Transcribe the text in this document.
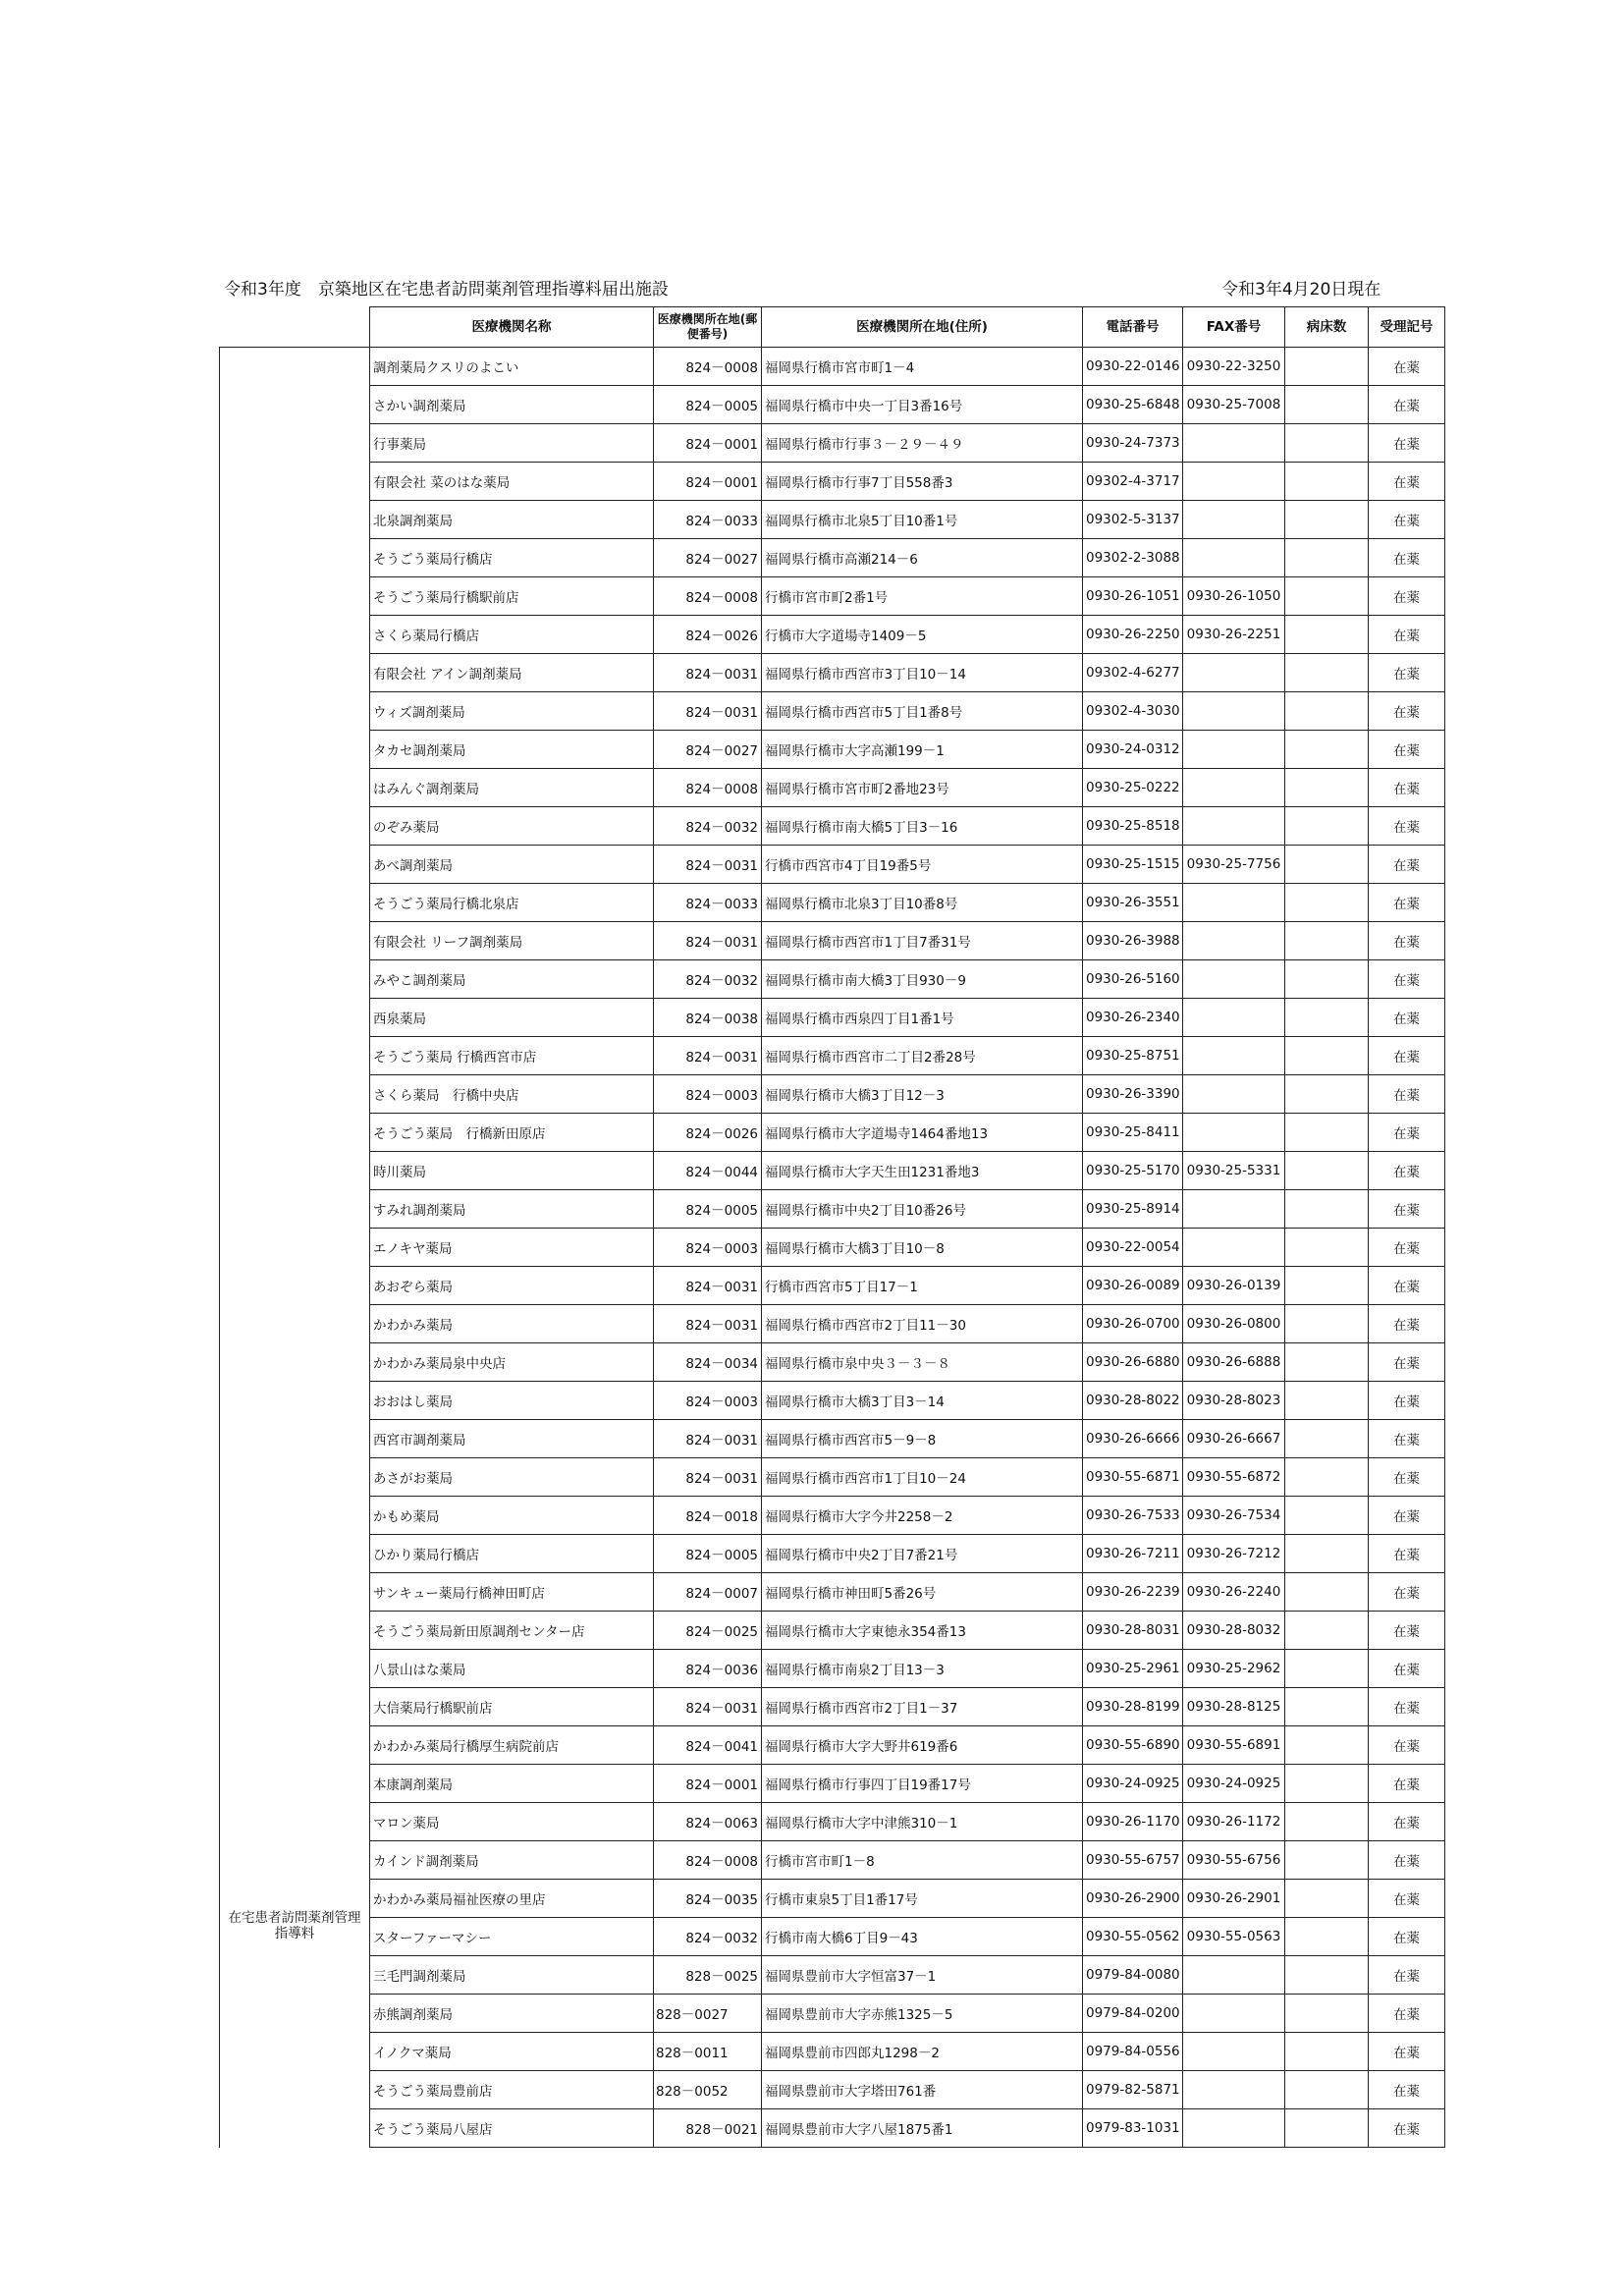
令和3年度　京築地区在宅患者訪問薬剤管理指導料届出施設	令和3年4月20日現在
	医療機関名称	医療機関所在地(郵便番号)	医療機関所在地(住所)	電話番号	FAX番号	病床数	受理記号
在宅患者訪問薬剤管理指導料	調剤薬局クスリのよこい	824－0008	福岡県行橋市宮市町1－4	0930-22-0146	0930-22-3250		在薬
	さかい調剤薬局	824－0005	福岡県行橋市中央一丁目3番16号	0930-25-6848	0930-25-7008		在薬
	行事薬局	824－0001	福岡県行橋市行事３－２９－４９	0930-24-7373			在薬
	有限会社 菜のはな薬局	824－0001	福岡県行橋市行事7丁目558番3	09302-4-3717			在薬
	北泉調剤薬局	824－0033	福岡県行橋市北泉5丁目10番1号	09302-5-3137			在薬
	そうごう薬局行橋店	824－0027	福岡県行橋市高瀬214－6	09302-2-3088			在薬
	そうごう薬局行橋駅前店	824－0008	行橋市宮市町2番1号	0930-26-1051	0930-26-1050		在薬
	さくら薬局行橋店	824－0026	行橋市大字道場寺1409－5	0930-26-2250	0930-26-2251		在薬
	有限会社 アイン調剤薬局	824－0031	福岡県行橋市西宮市3丁目10－14	09302-4-6277			在薬
	ウィズ調剤薬局	824－0031	福岡県行橋市西宮市5丁目1番8号	09302-4-3030			在薬
	タカセ調剤薬局	824－0027	福岡県行橋市大字高瀬199－1	0930-24-0312			在薬
	はみんぐ調剤薬局	824－0008	福岡県行橋市宮市町2番地23号	0930-25-0222			在薬
	のぞみ薬局	824－0032	福岡県行橋市南大橋5丁目3－16	0930-25-8518			在薬
	あべ調剤薬局	824－0031	行橋市西宮市4丁目19番5号	0930-25-1515	0930-25-7756		在薬
	そうごう薬局行橋北泉店	824－0033	福岡県行橋市北泉3丁目10番8号	0930-26-3551			在薬
	有限会社 リーフ調剤薬局	824－0031	福岡県行橋市西宮市1丁目7番31号	0930-26-3988			在薬
	みやこ調剤薬局	824－0032	福岡県行橋市南大橋3丁目930－9	0930-26-5160			在薬
	西泉薬局	824－0038	福岡県行橋市西泉四丁目1番1号	0930-26-2340			在薬
	そうごう薬局 行橋西宮市店	824－0031	福岡県行橋市西宮市二丁目2番28号	0930-25-8751			在薬
	さくら薬局　行橋中央店	824－0003	福岡県行橋市大橋3丁目12－3	0930-26-3390			在薬
	そうごう薬局　行橋新田原店	824－0026	福岡県行橋市大字道場寺1464番地13	0930-25-8411			在薬
	時川薬局	824－0044	福岡県行橋市大字天生田1231番地3	0930-25-5170	0930-25-5331		在薬
	すみれ調剤薬局	824－0005	福岡県行橋市中央2丁目10番26号	0930-25-8914			在薬
	エノキヤ薬局	824－0003	福岡県行橋市大橋3丁目10－8	0930-22-0054			在薬
	あおぞら薬局	824－0031	行橋市西宮市5丁目17－1	0930-26-0089	0930-26-0139		在薬
	かわかみ薬局	824－0031	福岡県行橋市西宮市2丁目11－30	0930-26-0700	0930-26-0800		在薬
	かわかみ薬局泉中央店	824－0034	福岡県行橋市泉中央３－３－８	0930-26-6880	0930-26-6888		在薬
	おおはし薬局	824－0003	福岡県行橋市大橋3丁目3－14	0930-28-8022	0930-28-8023		在薬
	西宮市調剤薬局	824－0031	福岡県行橋市西宮市5－9－8	0930-26-6666	0930-26-6667		在薬
	あさがお薬局	824－0031	福岡県行橋市西宮市1丁目10－24	0930-55-6871	0930-55-6872		在薬
	かもめ薬局	824－0018	福岡県行橋市大字今井2258－2	0930-26-7533	0930-26-7534		在薬
	ひかり薬局行橋店	824－0005	福岡県行橋市中央2丁目7番21号	0930-26-7211	0930-26-7212		在薬
	サンキュー薬局行橋神田町店	824－0007	福岡県行橋市神田町5番26号	0930-26-2239	0930-26-2240		在薬
	そうごう薬局新田原調剤センター店	824－0025	福岡県行橋市大字東徳永354番13	0930-28-8031	0930-28-8032		在薬
	八景山はな薬局	824－0036	福岡県行橋市南泉2丁目13－3	0930-25-2961	0930-25-2962		在薬
	大信薬局行橋駅前店	824－0031	福岡県行橋市西宮市2丁目1－37	0930-28-8199	0930-28-8125		在薬
	かわかみ薬局行橋厚生病院前店	824－0041	福岡県行橋市大字大野井619番6	0930-55-6890	0930-55-6891		在薬
	本康調剤薬局	824－0001	福岡県行橋市行事四丁目19番17号	0930-24-0925	0930-24-0925		在薬
	マロン薬局	824－0063	福岡県行橋市大字中津熊310－1	0930-26-1170	0930-26-1172		在薬
	カインド調剤薬局	824－0008	行橋市宮市町1－8	0930-55-6757	0930-55-6756		在薬
	かわかみ薬局福祉医療の里店	824－0035	行橋市東泉5丁目1番17号	0930-26-2900	0930-26-2901		在薬
	スターファーマシー	824－0032	行橋市南大橋6丁目9－43	0930-55-0562	0930-55-0563		在薬
	三毛門調剤薬局	828－0025	福岡県豊前市大字恒富37－1	0979-84-0080			在薬
	赤熊調剤薬局	828－0027	福岡県豊前市大字赤熊1325－5	0979-84-0200			在薬
	イノクマ薬局	828－0011	福岡県豊前市四郎丸1298－2	0979-84-0556			在薬
	そうごう薬局豊前店	828－0052	福岡県豊前市大字塔田761番	0979-82-5871			在薬
	そうごう薬局八屋店	828－0021	福岡県豊前市大字八屋1875番1	0979-83-1031			在薬
